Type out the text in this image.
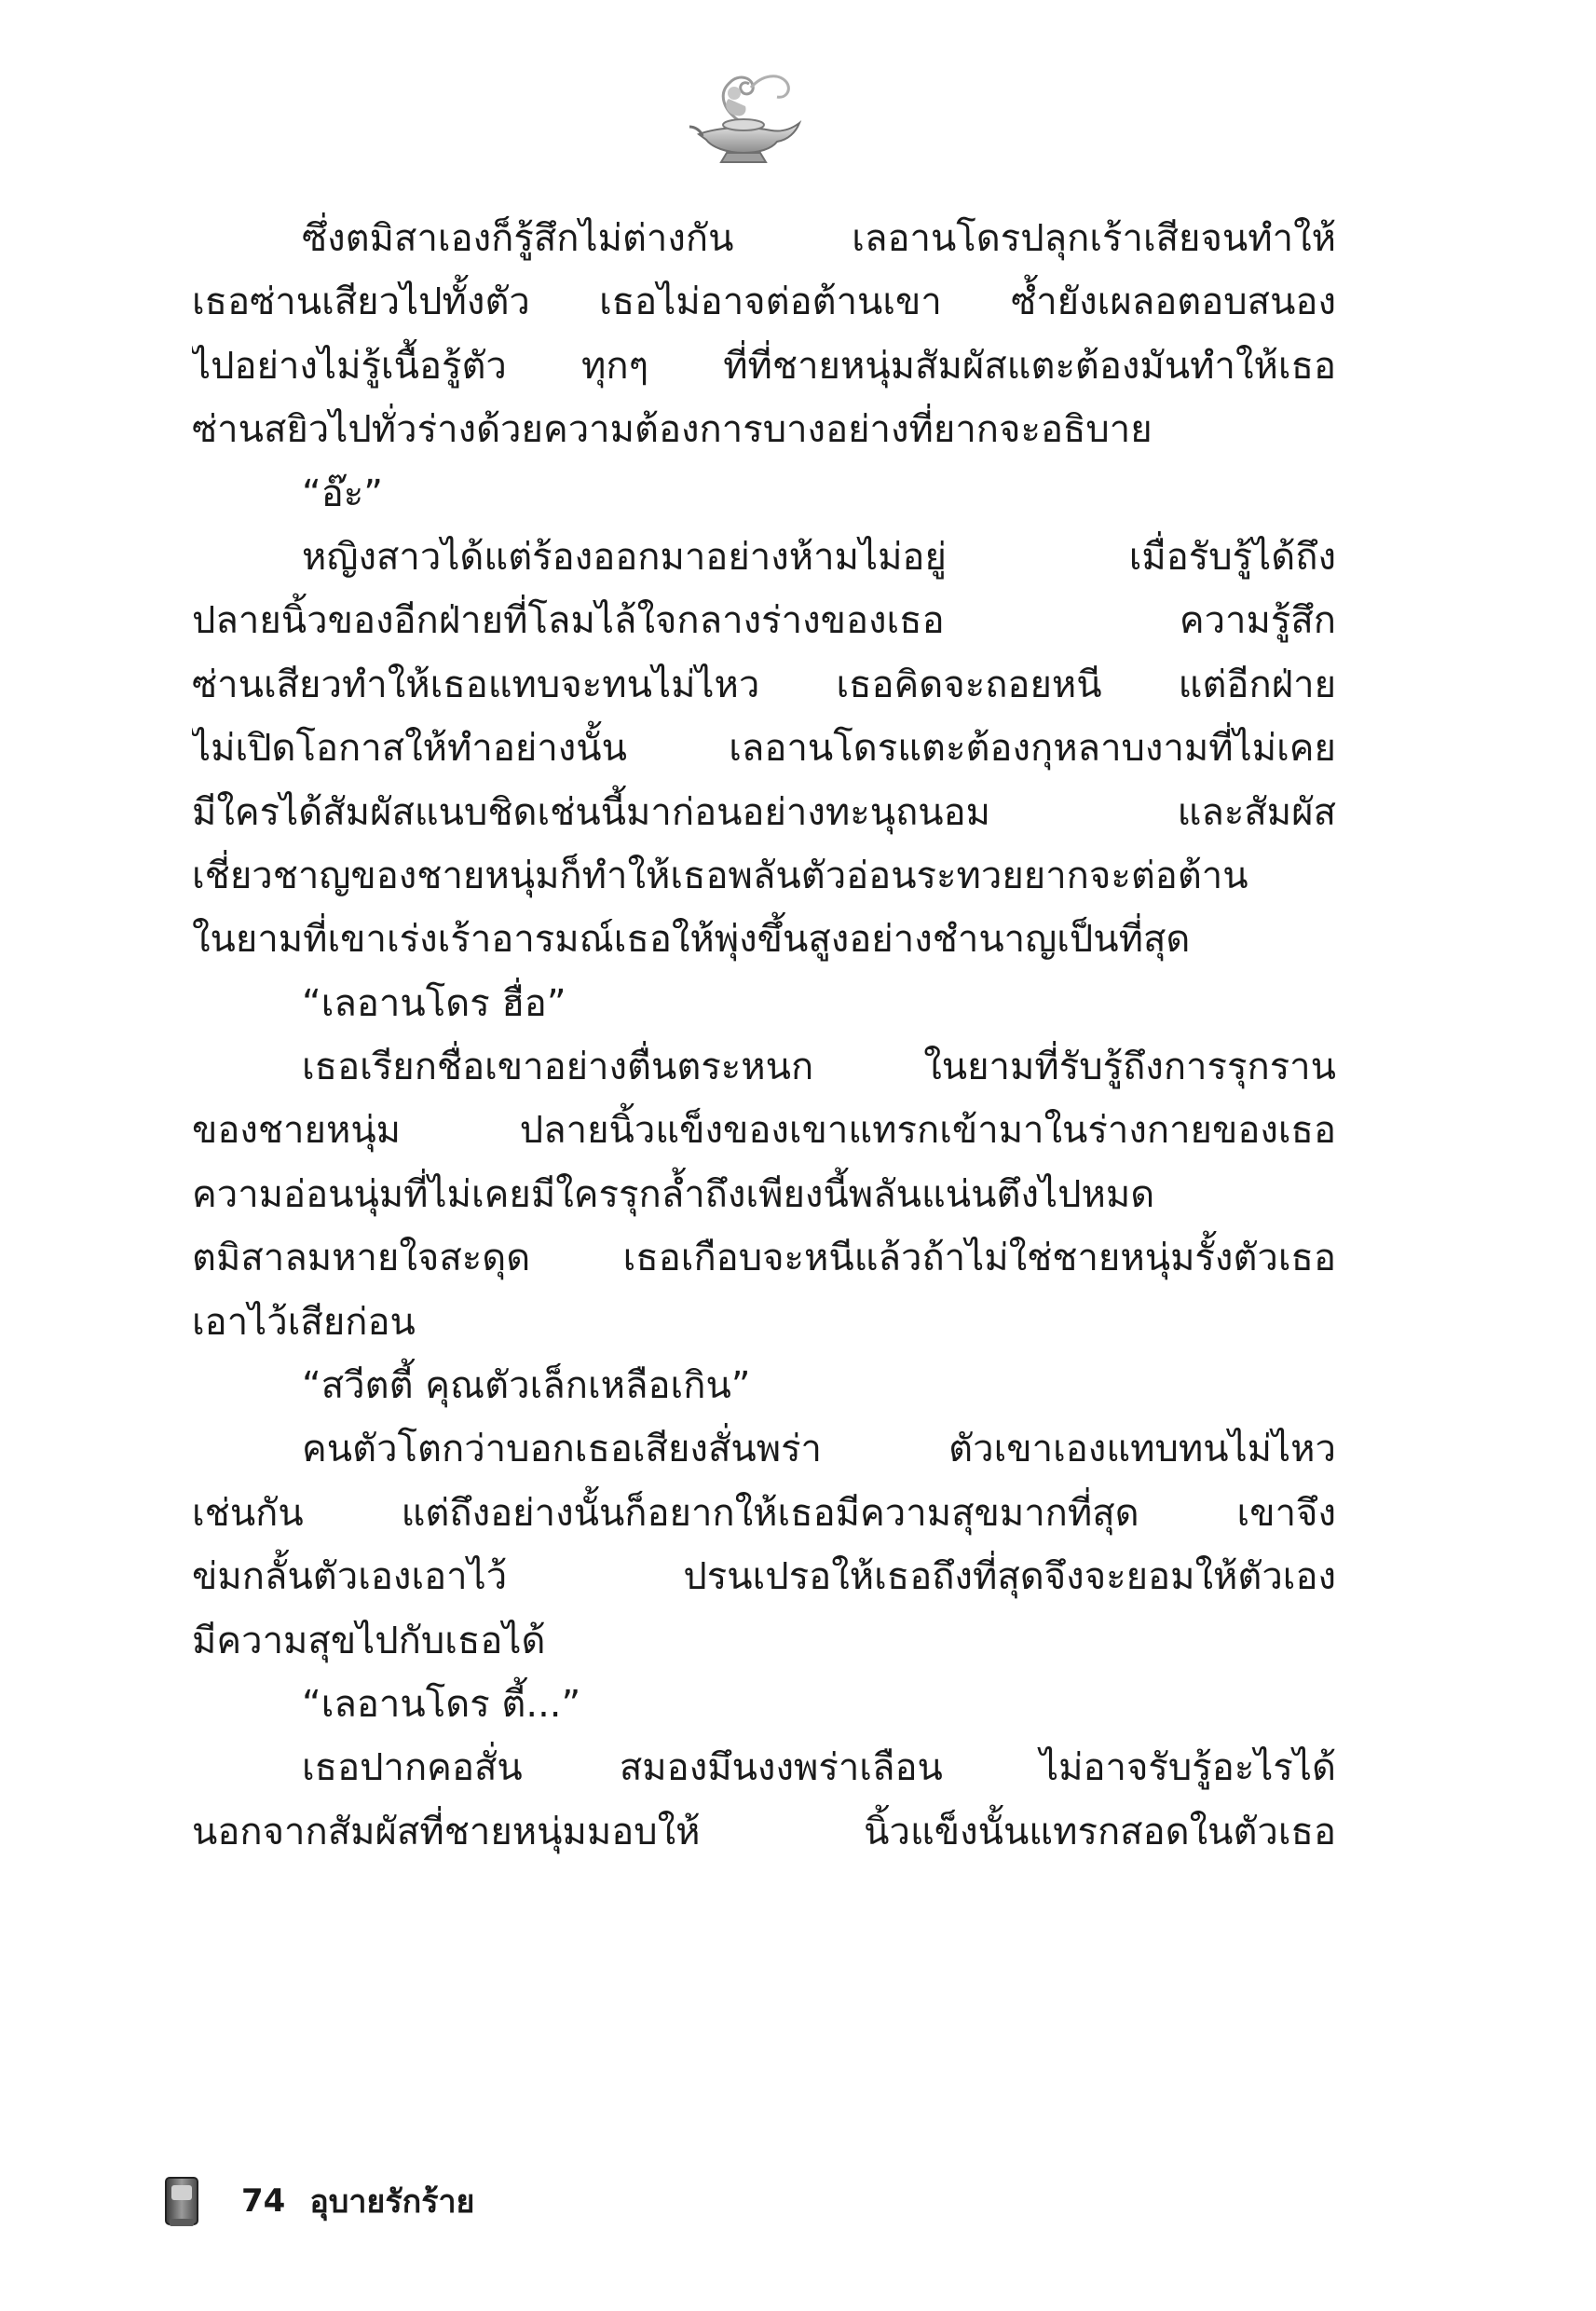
ซึ่งตมิสาเองก็รู้สึกไม่ต่างกัน เลอานโดรปลุกเร้าเสียจนทำให้
เธอซ่านเสียวไปทั้งตัว เธอไม่อาจต่อต้านเขา ซ้ำยังเผลอตอบสนอง
ไปอย่างไม่รู้เนื้อรู้ตัว ทุกๆ ที่ที่ชายหนุ่มสัมผัสแตะต้องมันทำให้เธอ
ซ่านสยิวไปทั่วร่างด้วยความต้องการบางอย่างที่ยากจะอธิบาย
“อ๊ะ”
หญิงสาวได้แต่ร้องออกมาอย่างห้ามไม่อยู่ เมื่อรับรู้ได้ถึง
ปลายนิ้วของอีกฝ่ายที่โลมไล้ใจกลางร่างของเธอ ความรู้สึก
ซ่านเสียวทำให้เธอแทบจะทนไม่ไหว เธอคิดจะถอยหนี แต่อีกฝ่าย
ไม่เปิดโอกาสให้ทำอย่างนั้น เลอานโดรแตะต้องกุหลาบงามที่ไม่เคย
มีใครได้สัมผัสแนบชิดเช่นนี้มาก่อนอย่างทะนุถนอม และสัมผัส
เชี่ยวชาญของชายหนุ่มก็ทำให้เธอพลันตัวอ่อนระทวยยากจะต่อต้าน
ในยามที่เขาเร่งเร้าอารมณ์เธอให้พุ่งขึ้นสูงอย่างชำนาญเป็นที่สุด
“เลอานโดร ฮื่อ”
เธอเรียกชื่อเขาอย่างตื่นตระหนก ในยามที่รับรู้ถึงการรุกราน
ของชายหนุ่ม ปลายนิ้วแข็งของเขาแทรกเข้ามาในร่างกายของเธอ
ความอ่อนนุ่มที่ไม่เคยมีใครรุกล้ำถึงเพียงนี้พลันแน่นตึงไปหมด
ตมิสาลมหายใจสะดุด เธอเกือบจะหนีแล้วถ้าไม่ใช่ชายหนุ่มรั้งตัวเธอ
เอาไว้เสียก่อน
“สวีตตี้ คุณตัวเล็กเหลือเกิน”
คนตัวโตกว่าบอกเธอเสียงสั่นพร่า ตัวเขาเองแทบทนไม่ไหว
เช่นกัน แต่ถึงอย่างนั้นก็อยากให้เธอมีความสุขมากที่สุด เขาจึง
ข่มกลั้นตัวเองเอาไว้ ปรนเปรอให้เธอถึงที่สุดจึงจะยอมให้ตัวเอง
มีความสุขไปกับเธอได้
“เลอานโดร ตี้...”
เธอปากคอสั่น สมองมึนงงพร่าเลือน ไม่อาจรับรู้อะไรได้
นอกจากสัมผัสที่ชายหนุ่มมอบให้ นิ้วแข็งนั้นแทรกสอดในตัวเธอ
74 อุบายรักร้าย
